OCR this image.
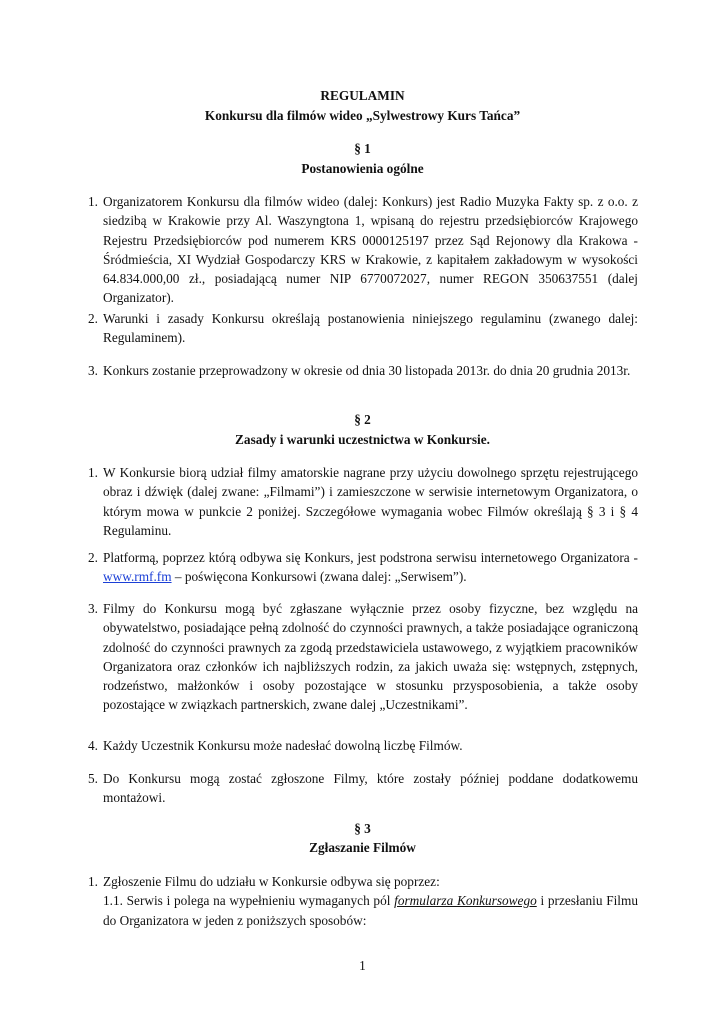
REGULAMIN
Konkursu dla filmów wideo „Sylwestrowy Kurs Tańca”
§ 1
Postanowienia ogólne
1. Organizatorem Konkursu dla filmów wideo (dalej: Konkurs) jest Radio Muzyka Fakty sp. z o.o. z siedzibą w Krakowie przy Al. Waszyngtona 1, wpisaną do rejestru przedsiębiorców Krajowego Rejestru Przedsiębiorców pod numerem KRS 0000125197 przez Sąd Rejonowy dla Krakowa - Śródmieścia, XI Wydział Gospodarczy KRS w Krakowie, z kapitałem zakładowym w wysokości 64.834.000,00 zł., posiadającą numer NIP 6770072027, numer REGON 350637551 (dalej Organizator).
2. Warunki i zasady Konkursu określają postanowienia niniejszego regulaminu (zwanego dalej: Regulaminem).
3. Konkurs zostanie przeprowadzony w okresie od dnia 30 listopada 2013r. do dnia 20 grudnia 2013r.
§ 2
Zasady i warunki uczestnictwa w Konkursie.
1. W Konkursie biorą udział filmy amatorskie nagrane przy użyciu dowolnego sprzętu rejestrującego obraz i dźwięk (dalej zwane: „Filmami”) i zamieszczone w serwisie internetowym Organizatora, o którym mowa w punkcie 2 poniżej. Szczegółowe wymagania wobec Filmów określają § 3 i § 4 Regulaminu.
2. Platformą, poprzez którą odbywa się Konkurs, jest podstrona serwisu internetowego Organizatora - www.rmf.fm – poświęcona Konkursowi (zwana dalej: „Serwisem”).
3. Filmy do Konkursu mogą być zgłaszane wyłącznie przez osoby fizyczne, bez względu na obywatelstwo, posiadające pełną zdolność do czynności prawnych, a także posiadające ograniczoną zdolność do czynności prawnych za zgodą przedstawiciela ustawowego, z wyjątkiem pracowników Organizatora oraz członków ich najbliższych rodzin, za jakich uważa się: wstępnych, zstępnych, rodzeństwo, małżonków i osoby pozostające w stosunku przysposobienia, a także osoby pozostające w związkach partnerskich, zwane dalej „Uczestnikami”.
4. Każdy Uczestnik Konkursu może nadesłać dowolną liczbę Filmów.
5. Do Konkursu mogą zostać zgłoszone Filmy, które zostały później poddane dodatkowemu montażowi.
§ 3
Zgłaszanie Filmów
1. Zgłoszenie Filmu do udziału w Konkursie odbywa się poprzez:
1.1. Serwis i polega na wypełnieniu wymaganych pól formularza Konkursowego i przesłaniu Filmu do Organizatora w jeden z poniższych sposobów:
1
